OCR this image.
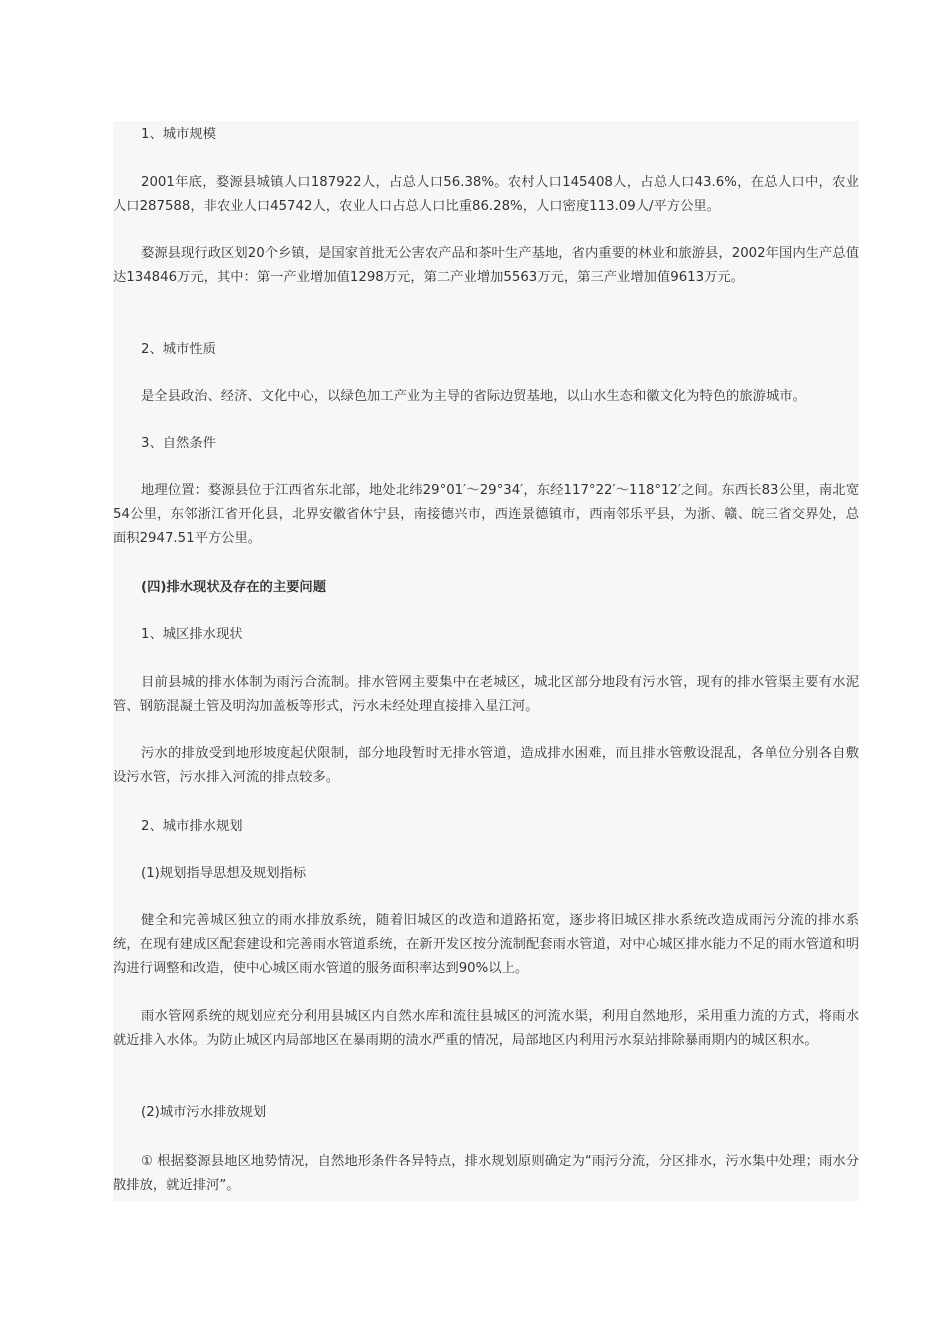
1、城市规模

2001年底，婺源县城镇人口187922人，占总人口56.38%。农村人口145408人，占总人口43.6%，在总人口中，农业人口287588，非农业人口45742人，农业人口占总人口比重86.28%，人口密度113.09人/平方公里。

婺源县现行政区划20个乡镇，是国家首批无公害农产品和茶叶生产基地，省内重要的林业和旅游县，2002年国内生产总值达134846万元，其中：第一产业增加值1298万元，第二产业增加5563万元，第三产业增加值9613万元。

2、城市性质

是全县政治、经济、文化中心，以绿色加工产业为主导的省际边贸基地，以山水生态和徽文化为特色的旅游城市。

3、自然条件

地理位置：婺源县位于江西省东北部，地处北纬29°01′～29°34′，东经117°22′～118°12′之间。东西长83公里，南北宽54公里，东邻浙江省开化县，北界安徽省休宁县，南接德兴市，西连景德镇市，西南邻乐平县，为浙、赣、皖三省交界处，总面积2947.51平方公里。

(四)排水现状及存在的主要问题

1、城区排水现状

目前县城的排水体制为雨污合流制。排水管网主要集中在老城区，城北区部分地段有污水管，现有的排水管渠主要有水泥管、钢筋混凝土管及明沟加盖板等形式，污水未经处理直接排入星江河。

污水的排放受到地形坡度起伏限制，部分地段暂时无排水管道，造成排水困难，而且排水管敷设混乱，各单位分别各自敷设污水管，污水排入河流的排点较多。

2、城市排水规划

(1)规划指导思想及规划指标

健全和完善城区独立的雨水排放系统，随着旧城区的改造和道路拓宽，逐步将旧城区排水系统改造成雨污分流的排水系统，在现有建成区配套建设和完善雨水管道系统，在新开发区按分流制配套雨水管道，对中心城区排水能力不足的雨水管道和明沟进行调整和改造，使中心城区雨水管道的服务面积率达到90%以上。

雨水管网系统的规划应充分利用县城区内自然水库和流往县城区的河流水渠，利用自然地形，采用重力流的方式，将雨水就近排入水体。为防止城区内局部地区在暴雨期的渍水严重的情况，局部地区内利用污水泵站排除暴雨期内的城区积水。

(2)城市污水排放规划

① 根据婺源县地区地势情况，自然地形条件各异特点，排水规划原则确定为“雨污分流，分区排水，污水集中处理；雨水分散排放，就近排河”。
